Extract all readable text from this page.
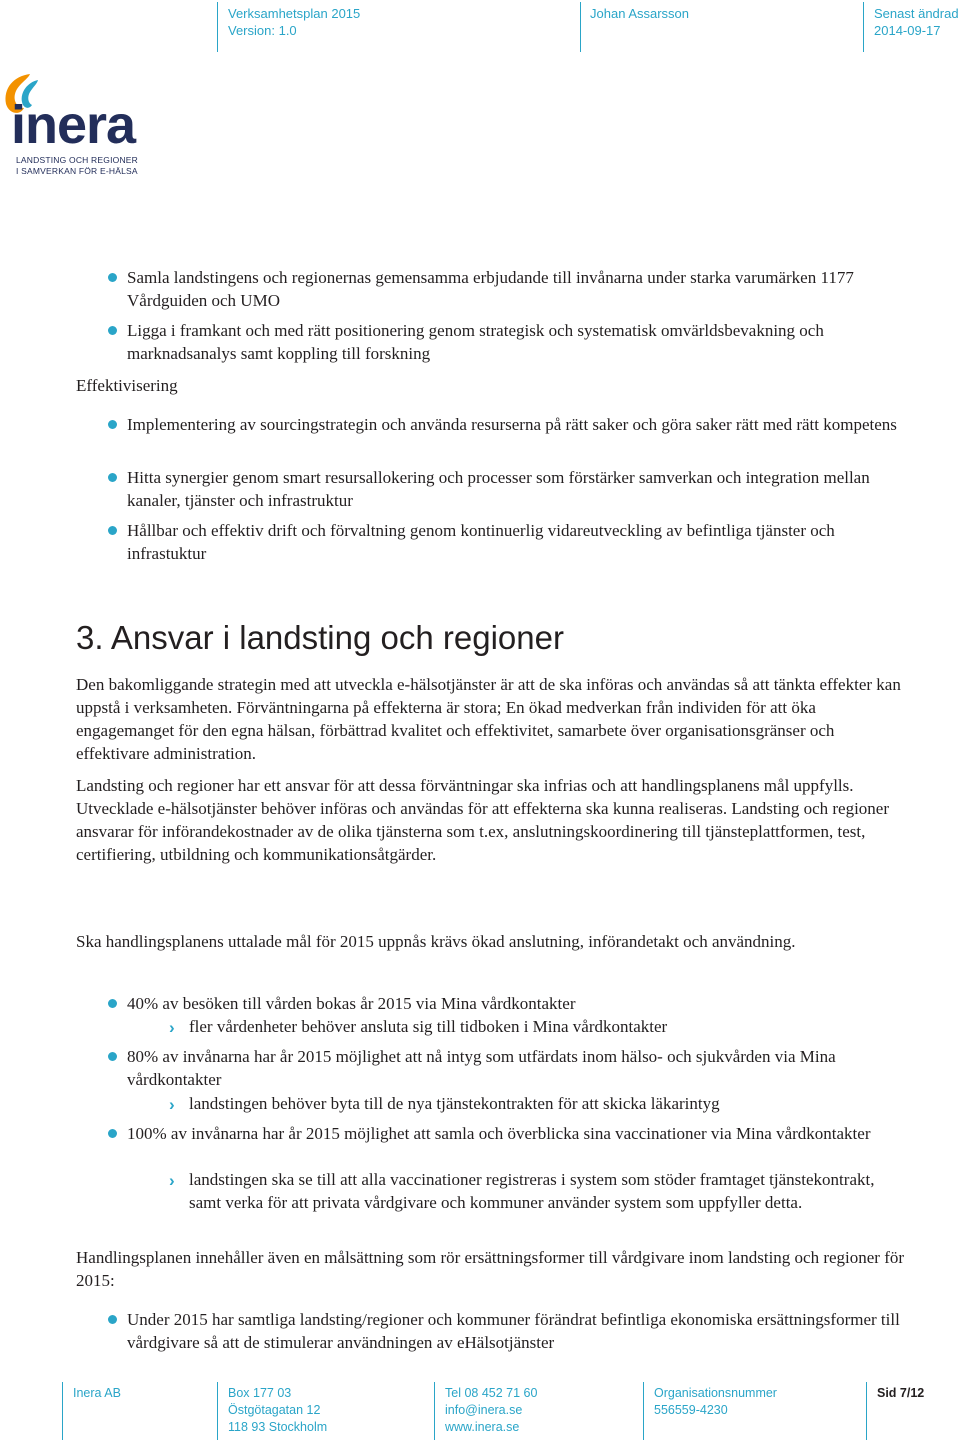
Verksamhetsplan 2015
Version: 1.0
Johan Assarsson	Senast ändrad
2014-09-17
inera
LANDSTING OCH REGIONER
I SAMVERKAN FÖR E-HÄLSA

Samla landstingens och regionernas gemensamma erbjudande till invånarna under starka varumärken 1177 Vårdguiden och UMO

Ligga i framkant och med rätt positionering genom strategisk och systematisk omvärldsbevakning och marknadsanalys samt koppling till forskning

Effektivisering

Implementering av sourcingstrategin och använda resurserna på rätt saker och göra saker rätt med rätt kompetens

Hitta synergier genom smart resursallokering och processer som förstärker samverkan och integration mellan kanaler, tjänster och infrastruktur

Hållbar och effektiv drift och förvaltning genom kontinuerlig vidareutveckling av befintliga tjänster och infrastuktur

3. Ansvar i landsting och regioner

Den bakomliggande strategin med att utveckla e-hälsotjänster är att de ska införas och användas så att tänkta effekter kan uppstå i verksamheten. Förväntningarna på effekterna är stora; En ökad medverkan från individen för att öka engagemanget för den egna hälsan, förbättrad kvalitet och effektivitet, samarbete över organisationsgränser och effektivare administration.

Landsting och regioner har ett ansvar för att dessa förväntningar ska infrias och att handlingsplanens mål uppfylls. Utvecklade e-hälsotjänster behöver införas och användas för att effekterna ska kunna realiseras. Landsting och regioner ansvarar för införandekostnader av de olika tjänsterna som t.ex, anslutningskoordinering till tjänsteplattformen, test, certifiering, utbildning och kommunikationsåtgärder.

Ska handlingsplanens uttalade mål för 2015 uppnås krävs ökad anslutning, införandetakt och användning.

40% av besöken till vården bokas år 2015 via Mina vårdkontakter

› fler vårdenheter behöver ansluta sig till tidboken i Mina vårdkontakter

80% av invånarna har år 2015 möjlighet att nå intyg som utfärdats inom hälso- och sjukvården via Mina vårdkontakter

› landstingen behöver byta till de nya tjänstekontrakten för att skicka läkarintyg

100% av invånarna har år 2015 möjlighet att samla och överblicka sina vaccinationer via Mina vårdkontakter

› landstingen ska se till att alla vaccinationer registreras i system som stöder framtaget tjänstekontrakt, samt verka för att privata vårdgivare och kommuner använder system som uppfyller detta.

Handlingsplanen innehåller även en målsättning som rör ersättningsformer till vårdgivare inom landsting och regioner för 2015:

Under 2015 har samtliga landsting/regioner och kommuner förändrat befintliga ekonomiska ersättningsformer till vårdgivare så att de stimulerar användningen av eHälsotjänster

Inera AB	Box 177 03
Östgötagatan 12
118 93 Stockholm
Tel 08 452 71 60
info@inera.se
www.inera.se
Organisationsnummer
556559-4230
Sid 7/12
